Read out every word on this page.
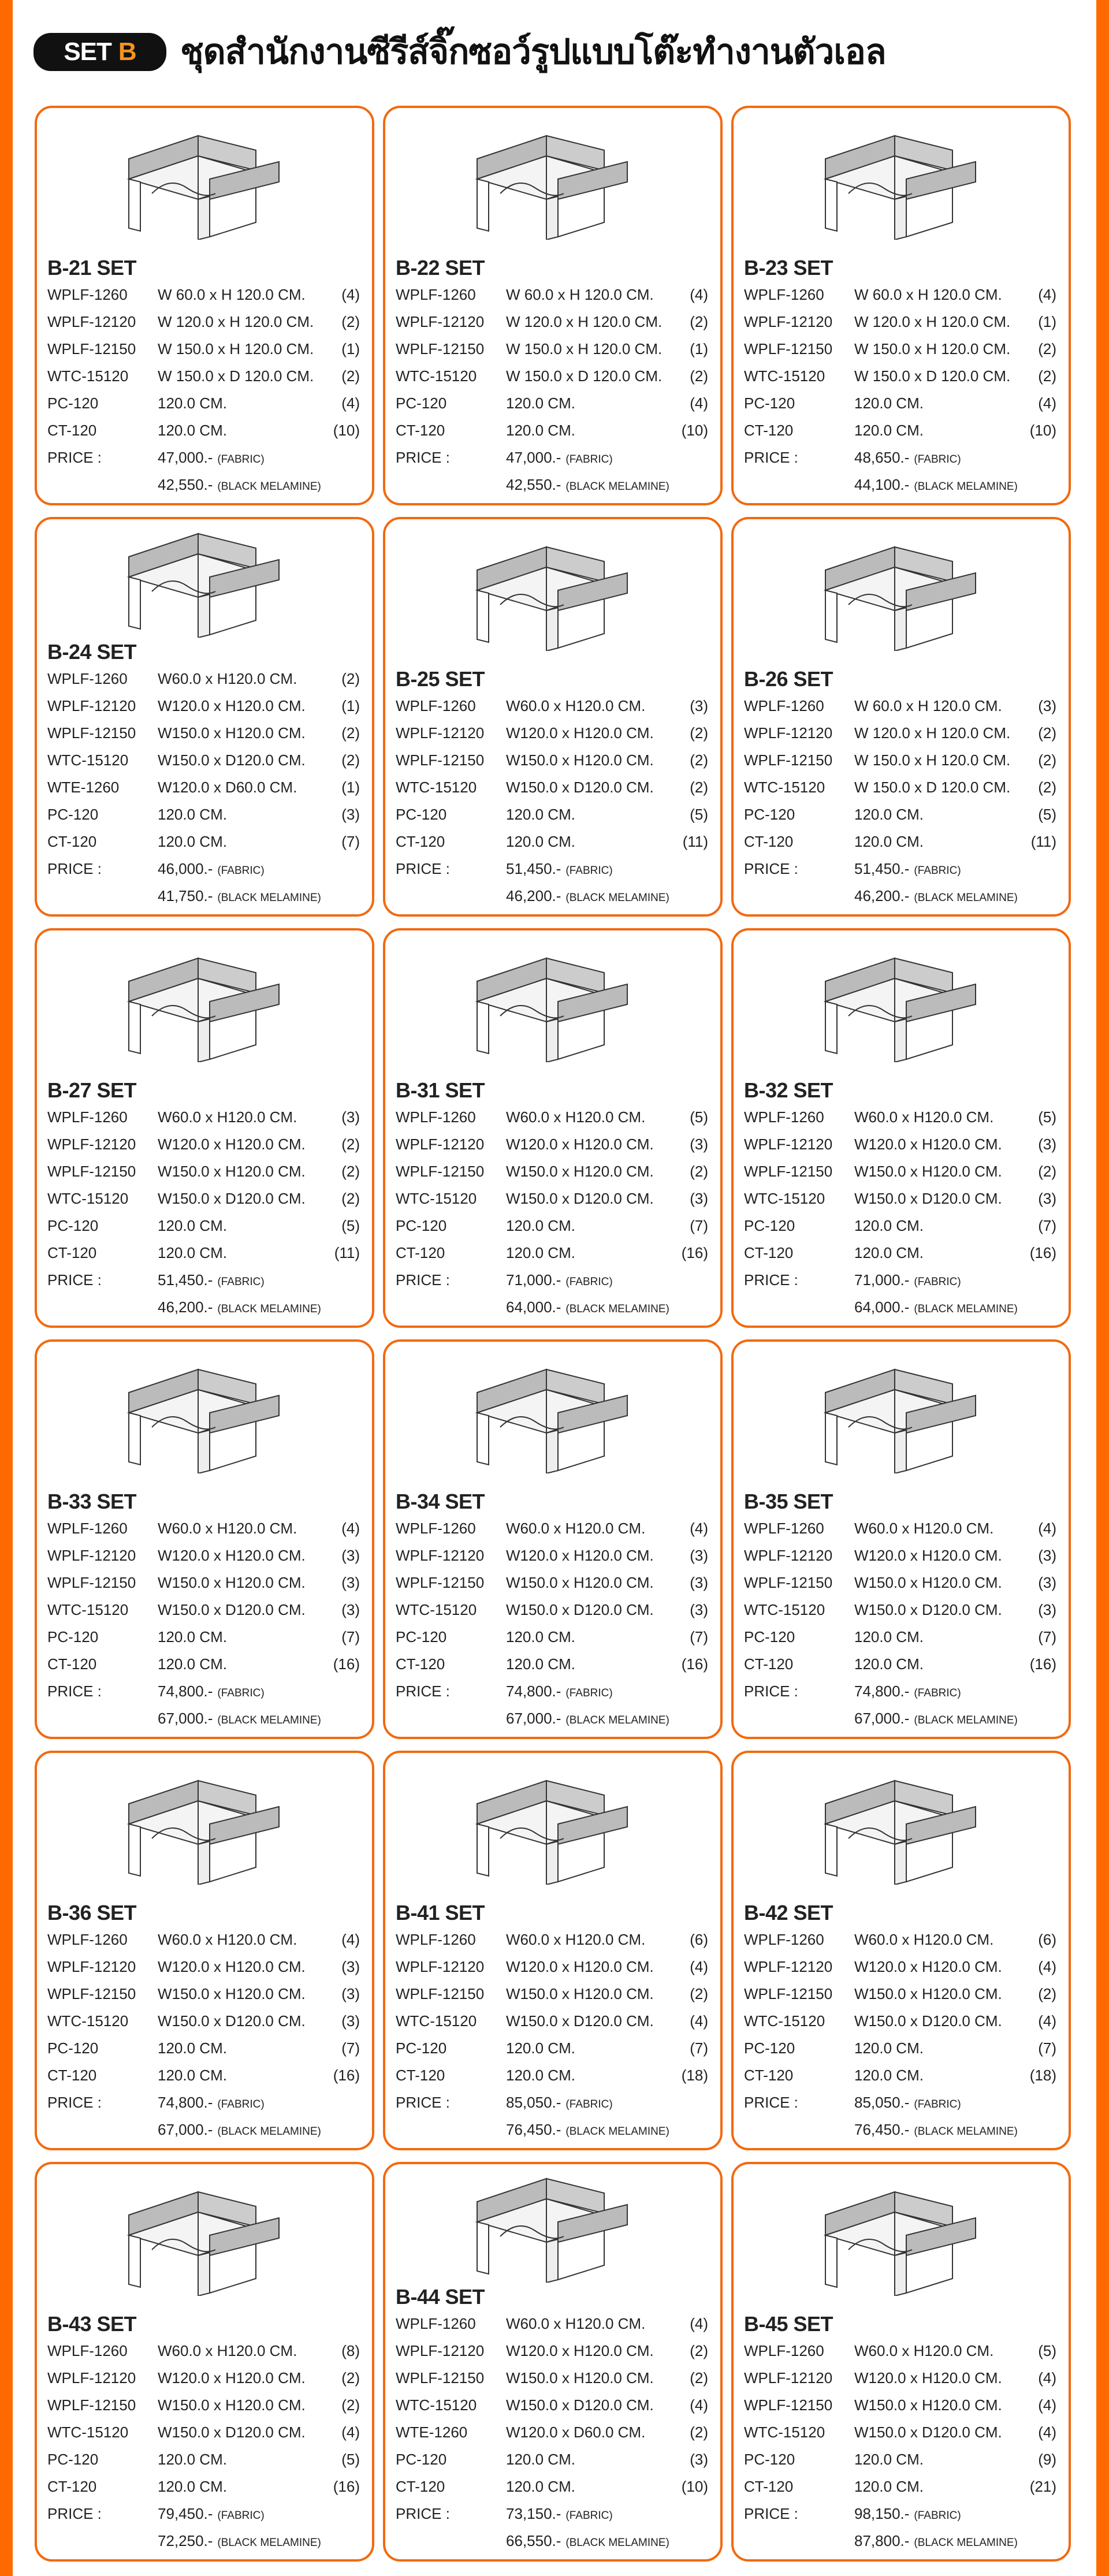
SET B ชุดสำนักงานซีรีส์จิ๊กซอว์รูปแบบโต๊ะทำงานตัวเอล
B-21 SET
WPLF-1260	W 60.0 x H 120.0 CM.	(4)
WPLF-12120	W 120.0 x H 120.0 CM.	(2)
WPLF-12150	W 150.0 x H 120.0 CM.	(1)
WTC-15120	W 150.0 x D 120.0 CM.	(2)
PC-120	120.0 CM.	(4)
CT-120	120.0 CM.	(10)
PRICE :	47,000.- (FABRIC)
42,550.- (BLACK MELAMINE)
B-22 SET
WPLF-1260	W 60.0 x H 120.0 CM.	(4)
WPLF-12120	W 120.0 x H 120.0 CM.	(2)
WPLF-12150	W 150.0 x H 120.0 CM.	(1)
WTC-15120	W 150.0 x D 120.0 CM.	(2)
PC-120	120.0 CM.	(4)
CT-120	120.0 CM.	(10)
PRICE :	47,000.- (FABRIC)
42,550.- (BLACK MELAMINE)
B-23 SET
WPLF-1260	W 60.0 x H 120.0 CM.	(4)
WPLF-12120	W 120.0 x H 120.0 CM.	(1)
WPLF-12150	W 150.0 x H 120.0 CM.	(2)
WTC-15120	W 150.0 x D 120.0 CM.	(2)
PC-120	120.0 CM.	(4)
CT-120	120.0 CM.	(10)
PRICE :	48,650.- (FABRIC)
44,100.- (BLACK MELAMINE)
B-24 SET
WPLF-1260	W60.0 x H120.0 CM.	(2)
WPLF-12120	W120.0 x H120.0 CM.	(1)
WPLF-12150	W150.0 x H120.0 CM.	(2)
WTC-15120	W150.0 x D120.0 CM.	(2)
WTE-1260	W120.0 x D60.0 CM.	(1)
PC-120	120.0 CM.	(3)
CT-120	120.0 CM.	(7)
PRICE :	46,000.- (FABRIC)
41,750.- (BLACK MELAMINE)
B-25 SET
WPLF-1260	W60.0 x H120.0 CM.	(3)
WPLF-12120	W120.0 x H120.0 CM.	(2)
WPLF-12150	W150.0 x H120.0 CM.	(2)
WTC-15120	W150.0 x D120.0 CM.	(2)
PC-120	120.0 CM.	(5)
CT-120	120.0 CM.	(11)
PRICE :	51,450.- (FABRIC)
46,200.- (BLACK MELAMINE)
B-26 SET
WPLF-1260	W 60.0 x H 120.0 CM.	(3)
WPLF-12120	W 120.0 x H 120.0 CM.	(2)
WPLF-12150	W 150.0 x H 120.0 CM.	(2)
WTC-15120	W 150.0 x D 120.0 CM.	(2)
PC-120	120.0 CM.	(5)
CT-120	120.0 CM.	(11)
PRICE :	51,450.- (FABRIC)
46,200.- (BLACK MELAMINE)
B-27 SET
WPLF-1260	W60.0 x H120.0 CM.	(3)
WPLF-12120	W120.0 x H120.0 CM.	(2)
WPLF-12150	W150.0 x H120.0 CM.	(2)
WTC-15120	W150.0 x D120.0 CM.	(2)
PC-120	120.0 CM.	(5)
CT-120	120.0 CM.	(11)
PRICE :	51,450.- (FABRIC)
46,200.- (BLACK MELAMINE)
B-31 SET
WPLF-1260	W60.0 x H120.0 CM.	(5)
WPLF-12120	W120.0 x H120.0 CM.	(3)
WPLF-12150	W150.0 x H120.0 CM.	(2)
WTC-15120	W150.0 x D120.0 CM.	(3)
PC-120	120.0 CM.	(7)
CT-120	120.0 CM.	(16)
PRICE :	71,000.- (FABRIC)
64,000.- (BLACK MELAMINE)
B-32 SET
WPLF-1260	W60.0 x H120.0 CM.	(5)
WPLF-12120	W120.0 x H120.0 CM.	(3)
WPLF-12150	W150.0 x H120.0 CM.	(2)
WTC-15120	W150.0 x D120.0 CM.	(3)
PC-120	120.0 CM.	(7)
CT-120	120.0 CM.	(16)
PRICE :	71,000.- (FABRIC)
64,000.- (BLACK MELAMINE)
B-33 SET
WPLF-1260	W60.0 x H120.0 CM.	(4)
WPLF-12120	W120.0 x H120.0 CM.	(3)
WPLF-12150	W150.0 x H120.0 CM.	(3)
WTC-15120	W150.0 x D120.0 CM.	(3)
PC-120	120.0 CM.	(7)
CT-120	120.0 CM.	(16)
PRICE :	74,800.- (FABRIC)
67,000.- (BLACK MELAMINE)
B-34 SET
WPLF-1260	W60.0 x H120.0 CM.	(4)
WPLF-12120	W120.0 x H120.0 CM.	(3)
WPLF-12150	W150.0 x H120.0 CM.	(3)
WTC-15120	W150.0 x D120.0 CM.	(3)
PC-120	120.0 CM.	(7)
CT-120	120.0 CM.	(16)
PRICE :	74,800.- (FABRIC)
67,000.- (BLACK MELAMINE)
B-35 SET
WPLF-1260	W60.0 x H120.0 CM.	(4)
WPLF-12120	W120.0 x H120.0 CM.	(3)
WPLF-12150	W150.0 x H120.0 CM.	(3)
WTC-15120	W150.0 x D120.0 CM.	(3)
PC-120	120.0 CM.	(7)
CT-120	120.0 CM.	(16)
PRICE :	74,800.- (FABRIC)
67,000.- (BLACK MELAMINE)
B-36 SET
WPLF-1260	W60.0 x H120.0 CM.	(4)
WPLF-12120	W120.0 x H120.0 CM.	(3)
WPLF-12150	W150.0 x H120.0 CM.	(3)
WTC-15120	W150.0 x D120.0 CM.	(3)
PC-120	120.0 CM.	(7)
CT-120	120.0 CM.	(16)
PRICE :	74,800.- (FABRIC)
67,000.- (BLACK MELAMINE)
B-41 SET
WPLF-1260	W60.0 x H120.0 CM.	(6)
WPLF-12120	W120.0 x H120.0 CM.	(4)
WPLF-12150	W150.0 x H120.0 CM.	(2)
WTC-15120	W150.0 x D120.0 CM.	(4)
PC-120	120.0 CM.	(7)
CT-120	120.0 CM.	(18)
PRICE :	85,050.- (FABRIC)
76,450.- (BLACK MELAMINE)
B-42 SET
WPLF-1260	W60.0 x H120.0 CM.	(6)
WPLF-12120	W120.0 x H120.0 CM.	(4)
WPLF-12150	W150.0 x H120.0 CM.	(2)
WTC-15120	W150.0 x D120.0 CM.	(4)
PC-120	120.0 CM.	(7)
CT-120	120.0 CM.	(18)
PRICE :	85,050.- (FABRIC)
76,450.- (BLACK MELAMINE)
B-43 SET
WPLF-1260	W60.0 x H120.0 CM.	(8)
WPLF-12120	W120.0 x H120.0 CM.	(2)
WPLF-12150	W150.0 x H120.0 CM.	(2)
WTC-15120	W150.0 x D120.0 CM.	(4)
PC-120	120.0 CM.	(5)
CT-120	120.0 CM.	(16)
PRICE :	79,450.- (FABRIC)
72,250.- (BLACK MELAMINE)
B-44 SET
WPLF-1260	W60.0 x H120.0 CM.	(4)
WPLF-12120	W120.0 x H120.0 CM.	(2)
WPLF-12150	W150.0 x H120.0 CM.	(2)
WTC-15120	W150.0 x D120.0 CM.	(4)
WTE-1260	W120.0 x D60.0 CM.	(2)
PC-120	120.0 CM.	(3)
CT-120	120.0 CM.	(10)
PRICE :	73,150.- (FABRIC)
66,550.- (BLACK MELAMINE)
B-45 SET
WPLF-1260	W60.0 x H120.0 CM.	(5)
WPLF-12120	W120.0 x H120.0 CM.	(4)
WPLF-12150	W150.0 x H120.0 CM.	(4)
WTC-15120	W150.0 x D120.0 CM.	(4)
PC-120	120.0 CM.	(9)
CT-120	120.0 CM.	(21)
PRICE :	98,150.- (FABRIC)
87,800.- (BLACK MELAMINE)
